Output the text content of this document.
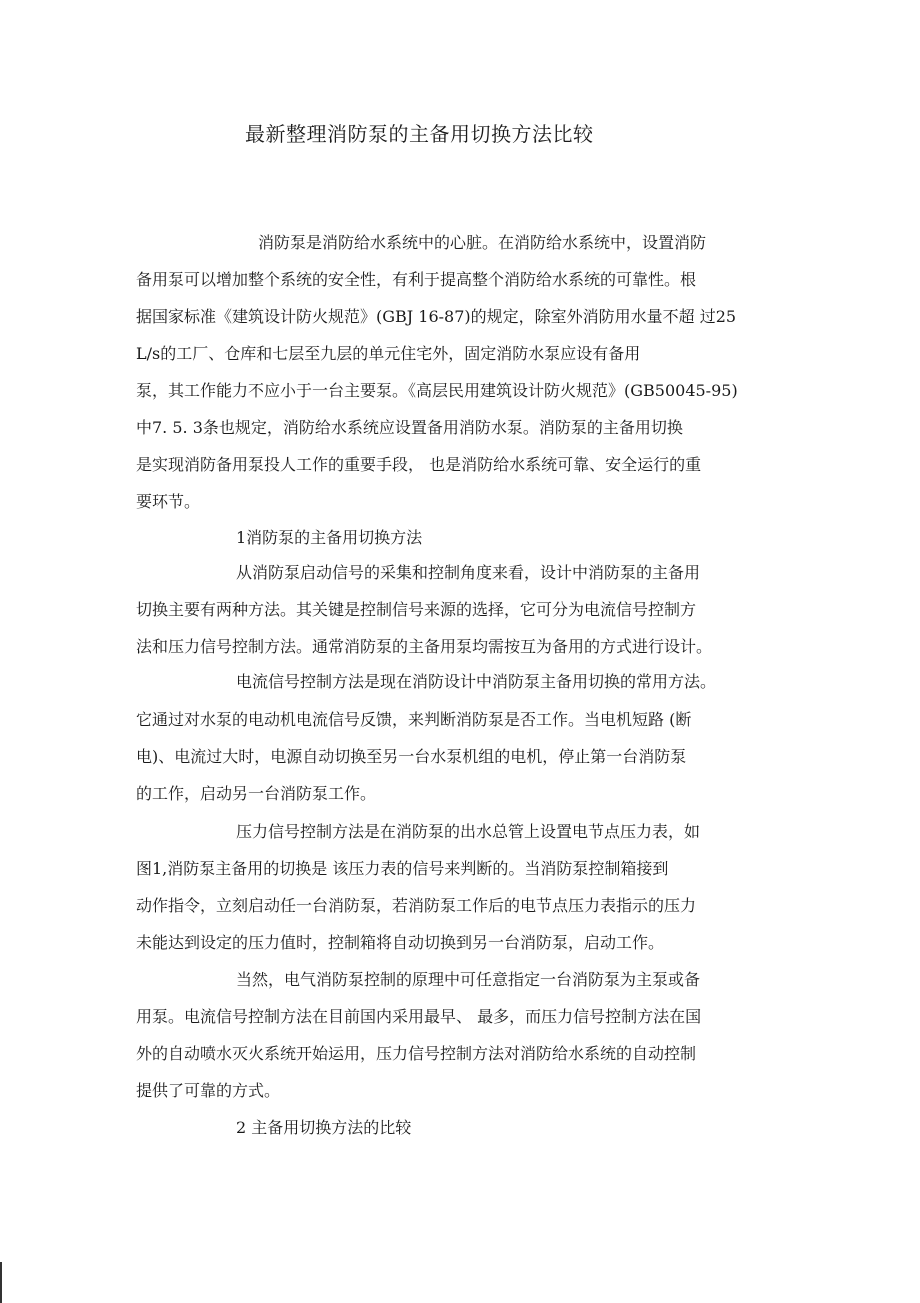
最新整理消防泵的主备用切换方法比较
消防泵是消防给水系统中的心脏。在消防给水系统中，设置消防
备用泵可以增加整个系统的安全性，有利于提高整个消防给水系统的可靠性。根
据国家标准《建筑设计防火规范》(GBJ 16-87)的规定，除室外消防用水量不超 过25
L/s的工厂、仓库和七层至九层的单元住宅外，固定消防水泵应设有备用
泵，其工作能力不应小于一台主要泵。《高层民用建筑设计防火规范》(GB50045-95)
中7. 5. 3条也规定，消防给水系统应设置备用消防水泵。消防泵的主备用切换
是实现消防备用泵投人工作的重要手段， 也是消防给水系统可靠、安全运行的重
要环节。
1消防泵的主备用切换方法
从消防泵启动信号的采集和控制角度来看，设计中消防泵的主备用
切换主要有两种方法。其关键是控制信号来源的选择，它可分为电流信号控制方
法和压力信号控制方法。通常消防泵的主备用泵均需按互为备用的方式进行设计。
电流信号控制方法是现在消防设计中消防泵主备用切换的常用方法。
它通过对水泵的电动机电流信号反馈，来判断消防泵是否工作。当电机短路 (断
电)、电流过大时，电源自动切换至另一台水泵机组的电机，停止第一台消防泵
的工作，启动另一台消防泵工作。
压力信号控制方法是在消防泵的出水总管上设置电节点压力表，如
图1,消防泵主备用的切换是 该压力表的信号来判断的。当消防泵控制箱接到
动作指令，立刻启动任一台消防泵，若消防泵工作后的电节点压力表指示的压力
未能达到设定的压力值时，控制箱将自动切换到另一台消防泵，启动工作。
当然，电气消防泵控制的原理中可任意指定一台消防泵为主泵或备
用泵。电流信号控制方法在目前国内采用最早、 最多，而压力信号控制方法在国
外的自动喷水灭火系统开始运用，压力信号控制方法对消防给水系统的自动控制
提供了可靠的方式。
2 主备用切换方法的比较
